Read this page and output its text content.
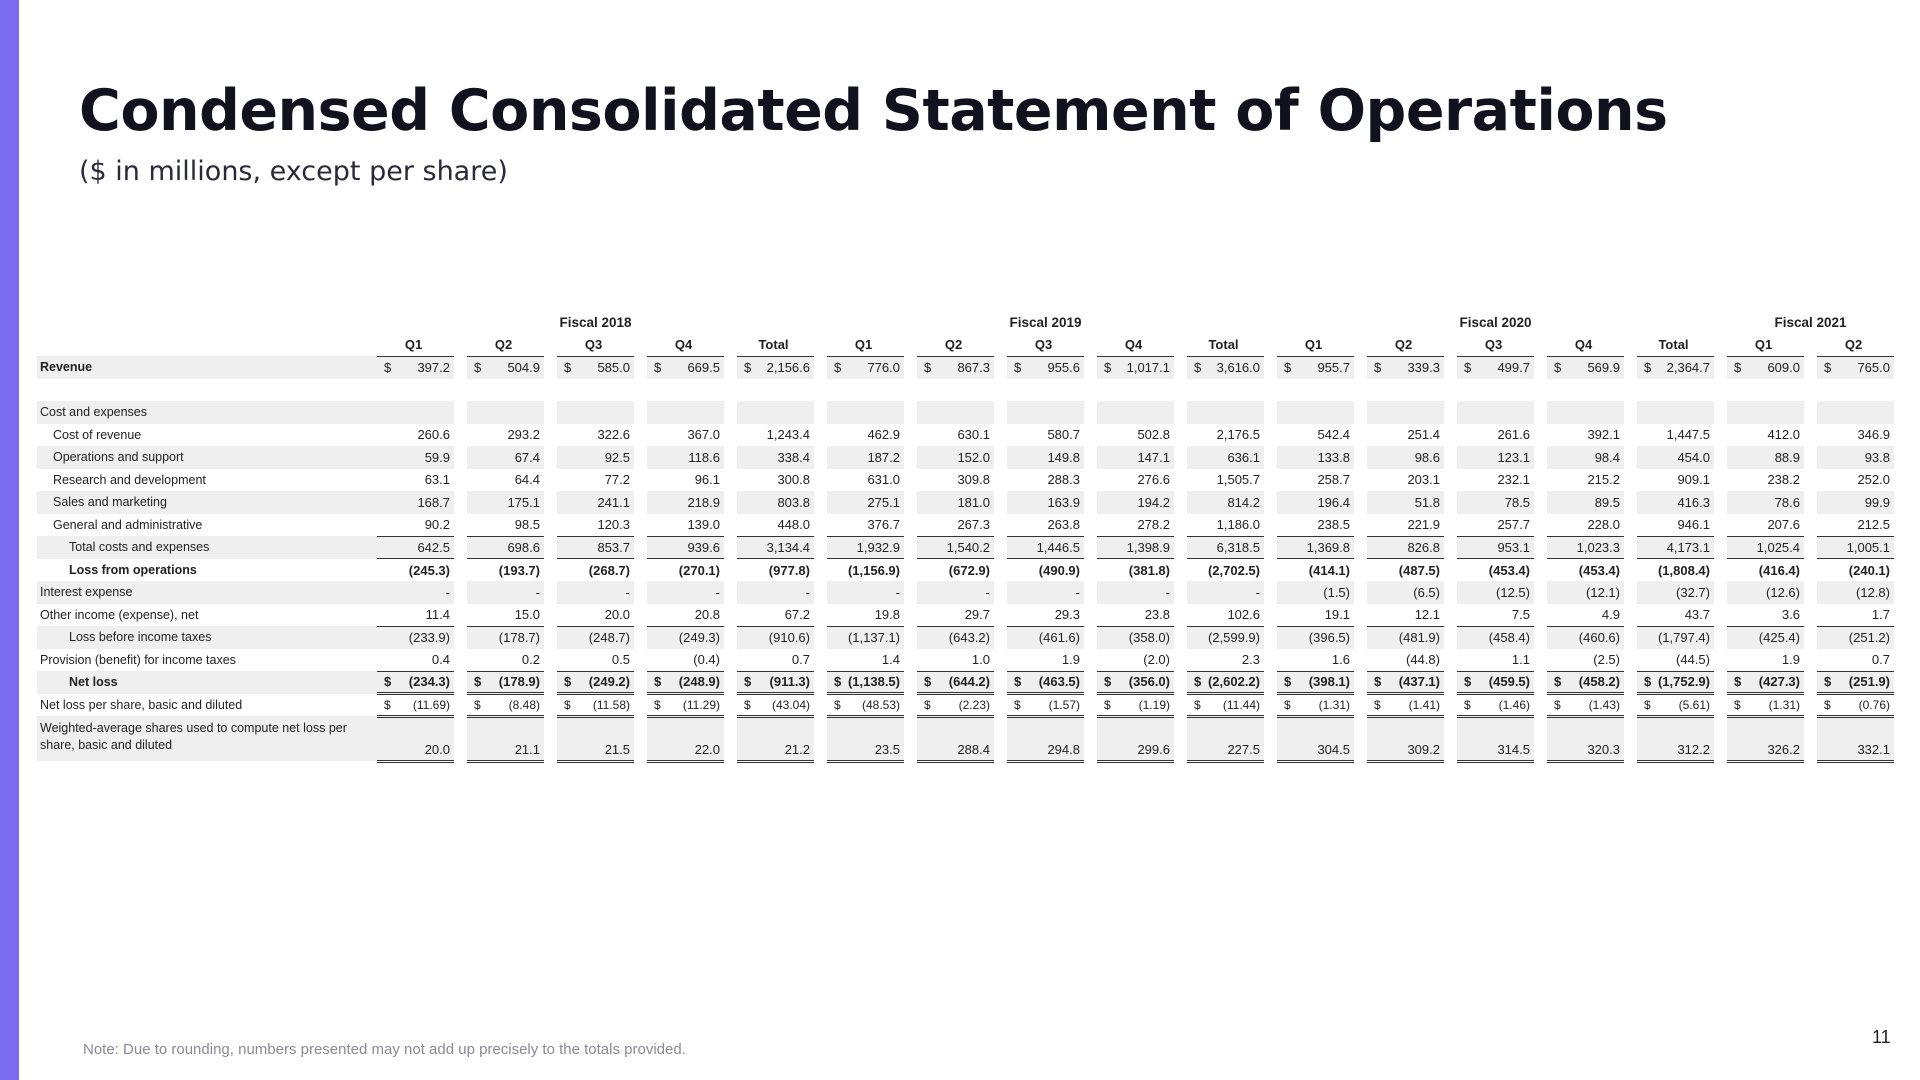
Condensed Consolidated Statement of Operations
($ in millions, except per share)
	Fiscal 2018										Fiscal 2019										Fiscal 2020										Fiscal 2021		
	Q1		Q2		Q3		Q4		Total		Q1		Q2		Q3		Q4		Total		Q1		Q2		Q3		Q4		Total		Q1		Q2
Revenue	$ 397.2		$ 504.9		$ 585.0		$ 669.5		$ 2,156.6		$ 776.0		$ 867.3		$ 955.6		$ 1,017.1		$ 3,616.0		$ 955.7		$ 339.3		$ 499.7		$ 569.9		$ 2,364.7		$ 609.0		$ 765.0

Cost and expenses																																	
Cost of revenue	260.6		293.2		322.6		367.0		1,243.4		462.9		630.1		580.7		502.8		2,176.5		542.4		251.4		261.6		392.1		1,447.5		412.0		346.9
Operations and support	59.9		67.4		92.5		118.6		338.4		187.2		152.0		149.8		147.1		636.1		133.8		98.6		123.1		98.4		454.0		88.9		93.8
Research and development	63.1		64.4		77.2		96.1		300.8		631.0		309.8		288.3		276.6		1,505.7		258.7		203.1		232.1		215.2		909.1		238.2		252.0
Sales and marketing	168.7		175.1		241.1		218.9		803.8		275.1		181.0		163.9		194.2		814.2		196.4		51.8		78.5		89.5		416.3		78.6		99.9
General and administrative	90.2		98.5		120.3		139.0		448.0		376.7		267.3		263.8		278.2		1,186.0		238.5		221.9		257.7		228.0		946.1		207.6		212.5
Total costs and expenses	642.5		698.6		853.7		939.6		3,134.4		1,932.9		1,540.2		1,446.5		1,398.9		6,318.5		1,369.8		826.8		953.1		1,023.3		4,173.1		1,025.4		1,005.1
Loss from operations	(245.3)		(193.7)		(268.7)		(270.1)		(977.8)		(1,156.9)		(672.9)		(490.9)		(381.8)		(2,702.5)		(414.1)		(487.5)		(453.4)		(453.4)		(1,808.4)		(416.4)		(240.1)
Interest expense	-		-		-		-		-		-		-		-		-		-		(1.5)		(6.5)		(12.5)		(12.1)		(32.7)		(12.6)		(12.8)
Other income (expense), net	11.4		15.0		20.0		20.8		67.2		19.8		29.7		29.3		23.8		102.6		19.1		12.1		7.5		4.9		43.7		3.6		1.7
Loss before income taxes	(233.9)		(178.7)		(248.7)		(249.3)		(910.6)		(1,137.1)		(643.2)		(461.6)		(358.0)		(2,599.9)		(396.5)		(481.9)		(458.4)		(460.6)		(1,797.4)		(425.4)		(251.2)
Provision (benefit) for income taxes	0.4		0.2		0.5		(0.4)		0.7		1.4		1.0		1.9		(2.0)		2.3		1.6		(44.8)		1.1		(2.5)		(44.5)		1.9		0.7
Net loss	$ (234.3)		$ (178.9)		$ (249.2)		$ (248.9)		$ (911.3)		$ (1,138.5)		$ (644.2)		$ (463.5)		$ (356.0)		$ (2,602.2)		$ (398.1)		$ (437.1)		$ (459.5)		$ (458.2)		$ (1,752.9)		$ (427.3)		$ (251.9)

Net loss per share, basic and diluted	$ (11.69)		$ (8.48)		$ (11.58)		$ (11.29)		$ (43.04)		$ (48.53)		$ (2.23)		$ (1.57)		$ (1.19)		$ (11.44)		$ (1.31)		$ (1.41)		$ (1.46)		$ (1.43)		$ (5.61)		$ (1.31)		$ (0.76)

Weighted-average shares used to compute net loss per share, basic and diluted	20.0		21.1		21.5		22.0		21.2		23.5		288.4		294.8		299.6		227.5		304.5		309.2		314.5		320.3		312.2		326.2		332.1
Note: Due to rounding, numbers presented may not add up precisely to the totals provided.
11
